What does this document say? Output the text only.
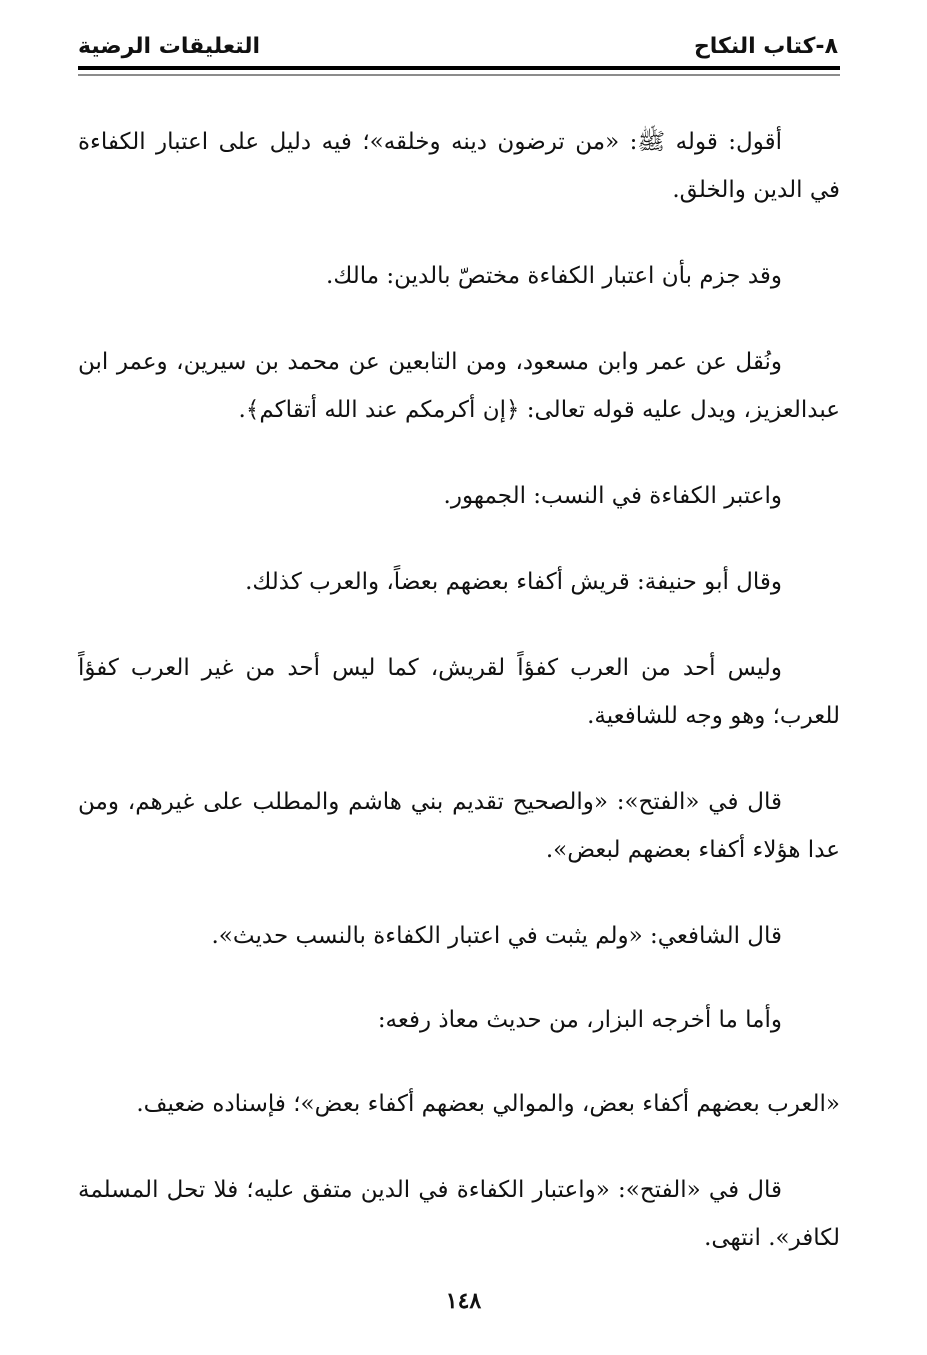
٨-كتاب النكاح
التعليقات الرضية

أقول: قوله ﷺ: «من ترضون دينه وخلقه»؛ فيه دليل على اعتبار الكفاءة في الدين والخلق.

وقد جزم بأن اعتبار الكفاءة مختصّ بالدين: مالك.

ونُقل عن عمر وابن مسعود، ومن التابعين عن محمد بن سيرين، وعمر ابن عبدالعزيز، ويدل عليه قوله تعالى: ﴿إن أكرمكم عند الله أتقاكم﴾.

واعتبر الكفاءة في النسب: الجمهور.

وقال أبو حنيفة: قريش أكفاء بعضهم بعضاً، والعرب كذلك.

وليس أحد من العرب كفؤاً لقريش، كما ليس أحد من غير العرب كفؤاً للعرب؛ وهو وجه للشافعية.

قال في «الفتح»: «والصحيح تقديم بني هاشم والمطلب على غيرهم، ومن عدا هؤلاء أكفاء بعضهم لبعض».

قال الشافعي: «ولم يثبت في اعتبار الكفاءة بالنسب حديث».

وأما ما أخرجه البزار، من حديث معاذ رفعه:

«العرب بعضهم أكفاء بعض، والموالي بعضهم أكفاء بعض»؛ فإسناده ضعيف.

قال في «الفتح»: «واعتبار الكفاءة في الدين متفق عليه؛ فلا تحل المسلمة لكافر». انتهى.

١٤٨
